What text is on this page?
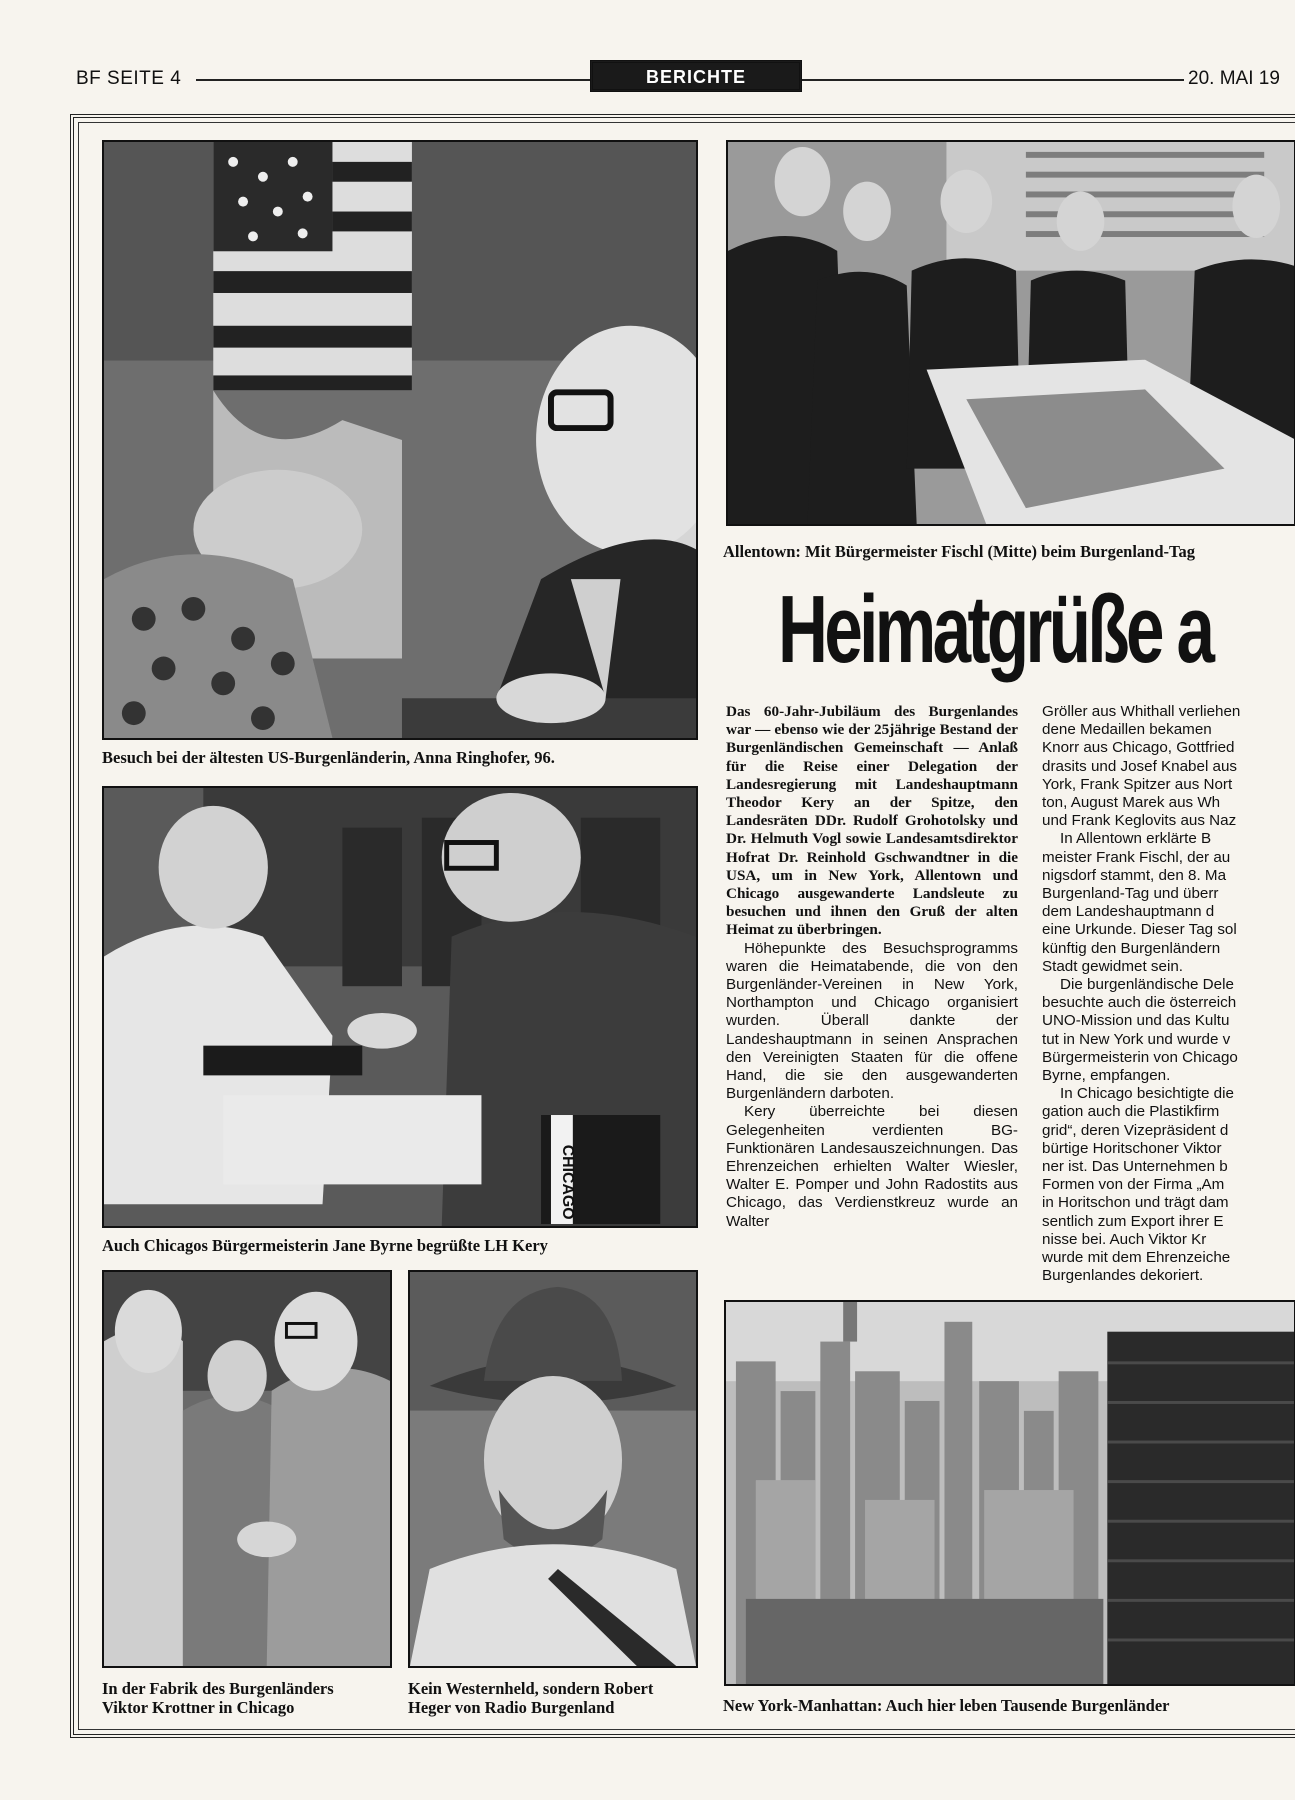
BF SEITE 4	BERICHTE	20. MAI 19
Besuch bei der ältesten US-Burgenländerin, Anna Ringhofer, 96.
Allentown: Mit Bürgermeister Fischl (Mitte) beim Burgenland-Tag
Heimatgrüße a
CHICAGO
Auch Chicagos Bürgermeisterin Jane Byrne begrüßte LH Kery

Das 60-Jahr-Jubiläum des Burgenlandes war — ebenso wie der 25jährige Bestand der Burgenländischen Gemeinschaft — Anlaß für die Reise einer Delegation der Landesregierung mit Landeshauptmann Theodor Kery an der Spitze, den Landesräten DDr. Rudolf Grohotolsky und Dr. Helmuth Vogl sowie Landesamtsdirektor Hofrat Dr. Reinhold Gschwandtner in die USA, um in New York, Allentown und Chicago ausgewanderte Landsleute zu besuchen und ihnen den Gruß der alten Heimat zu überbringen.

Höhepunkte des Besuchsprogramms waren die Heimatabende, die von den Burgenländer-Vereinen in New York, Northampton und Chicago organisiert wurden. Überall dankte der Landeshauptmann in seinen Ansprachen den Vereinigten Staaten für die offene Hand, die sie den ausgewanderten Burgenländern darboten.

Kery überreichte bei diesen Gelegenheiten verdienten BG-Funktionären Landesauszeichnungen. Das Ehrenzeichen erhielten Walter Wiesler, Walter E. Pomper und John Radostits aus Chicago, das Verdienstkreuz wurde an Walter

Gröller aus Whithall verliehen

dene Medaillen bekamen

Knorr aus Chicago, Gottfried

drasits und Josef Knabel aus

York, Frank Spitzer aus Nort

ton, August Marek aus Wh

und Frank Keglovits aus Naz

In Allentown erklärte B

meister Frank Fischl, der au

nigsdorf stammt, den 8. Ma

Burgenland-Tag und überr

dem Landeshauptmann d

eine Urkunde. Dieser Tag sol

künftig den Burgenländern

Stadt gewidmet sein.

Die burgenländische Dele

besuchte auch die österreich

UNO-Mission und das Kultu

tut in New York und wurde v

Bürgermeisterin von Chicago

Byrne, empfangen.

In Chicago besichtigte die

gation auch die Plastikfirm

grid“, deren Vizepräsident d

bürtige Horitschoner Viktor

ner ist. Das Unternehmen b

Formen von der Firma „Am

in Horitschon und trägt dam

sentlich zum Export ihrer E

nisse bei. Auch Viktor Kr

wurde mit dem Ehrenzeiche

Burgenlandes dekoriert.

In der Fabrik des Burgenländers
Viktor Krottner in Chicago
Kein Westernheld, sondern Robert
Heger von Radio Burgenland	New York-Manhattan: Auch hier leben Tausende Burgenländer
